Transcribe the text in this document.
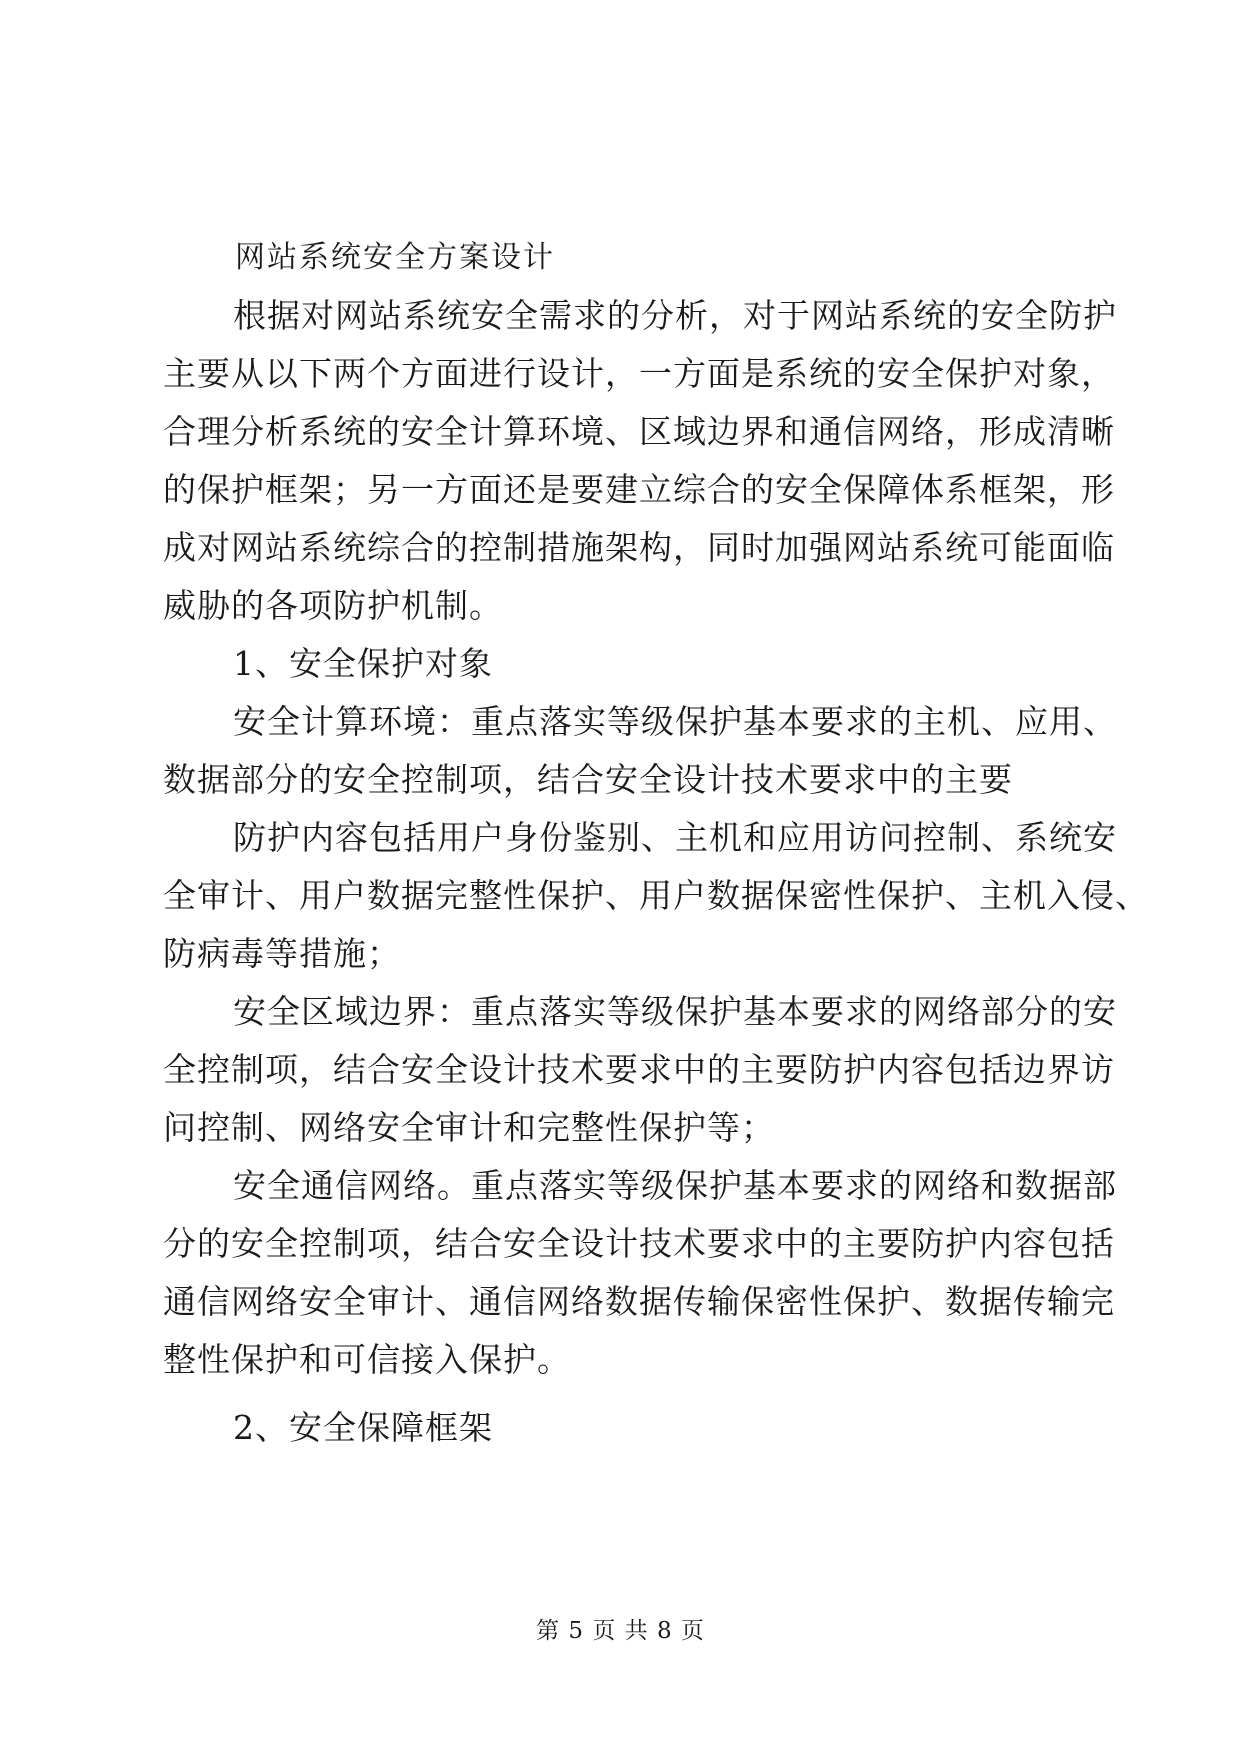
网站系统安全方案设计
根据对网站系统安全需求的分析，对于网站系统的安全防护
主要从以下两个方面进行设计，一方面是系统的安全保护对象，
合理分析系统的安全计算环境、区域边界和通信网络，形成清晰
的保护框架；另一方面还是要建立综合的安全保障体系框架，形
成对网站系统综合的控制措施架构，同时加强网站系统可能面临
威胁的各项防护机制。
1、安全保护对象
安全计算环境：重点落实等级保护基本要求的主机、应用、
数据部分的安全控制项，结合安全设计技术要求中的主要
防护内容包括用户身份鉴别、主机和应用访问控制、系统安
全审计、用户数据完整性保护、用户数据保密性保护、主机入侵、
防病毒等措施；
安全区域边界：重点落实等级保护基本要求的网络部分的安
全控制项，结合安全设计技术要求中的主要防护内容包括边界访
问控制、网络安全审计和完整性保护等；
安全通信网络。重点落实等级保护基本要求的网络和数据部
分的安全控制项，结合安全设计技术要求中的主要防护内容包括
通信网络安全审计、通信网络数据传输保密性保护、数据传输完
整性保护和可信接入保护。
2、安全保障框架
第 5 页 共 8 页
